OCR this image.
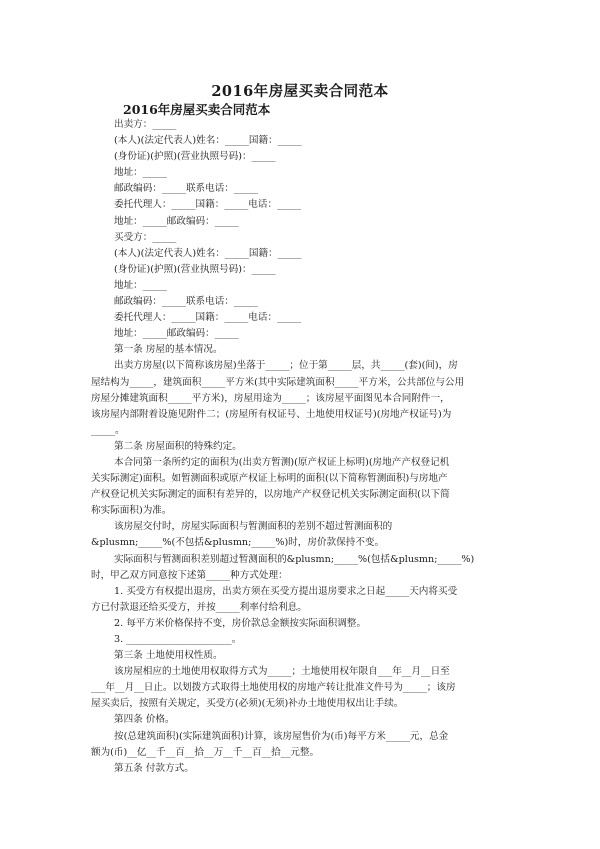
2016年房屋买卖合同范本
2016年房屋买卖合同范本
出卖方：_____
(本人)(法定代表人)姓名：_____国籍：_____
(身份证)(护照)(营业执照号码)：_____
地址：_____
邮政编码：_____联系电话：_____
委托代理人：_____国籍：_____电话：_____
地址：_____邮政编码：_____
买受方：_____
(本人)(法定代表人)姓名：_____国籍：_____
(身份证)(护照)(营业执照号码)：_____
地址：_____
邮政编码：_____联系电话：_____
委托代理人：_____国籍：_____电话：_____
地址：_____邮政编码：_____
第一条 房屋的基本情况。
出卖方房屋(以下简称该房屋)坐落于_____；位于第_____层，共_____(套)(间)，房
屋结构为_____，建筑面积_____平方米(其中实际建筑面积_____平方米，公共部位与公用
房屋分摊建筑面积_____平方米)，房屋用途为_____；该房屋平面图见本合同附件一，
该房屋内部附着设施见附件二；(房屋所有权证号、土地使用权证号)(房地产权证号)为
_____。
第二条 房屋面积的特殊约定。
本合同第一条所约定的面积为(出卖方暂测)(原产权证上标明)(房地产产权登记机
关实际测定)面积。如暂测面积或原产权证上标明的面积(以下简称暂测面积)与房地产
产权登记机关实际测定的面积有差异的，以房地产产权登记机关实际测定面积(以下简
称实际面积)为准。
该房屋交付时，房屋实际面积与暂测面积的差别不超过暂测面积的
&plusmn;_____%(不包括&plusmn;_____%)时，房价款保持不变。
实际面积与暂测面积差别超过暂测面积的&plusmn;_____%(包括&plusmn;_____%)
时，甲乙双方同意按下述第_____种方式处理：
1. 买受方有权提出退房，出卖方须在买受方提出退房要求之日起_____天内将买受
方已付款退还给买受方，并按_____利率付给利息。
2. 每平方米价格保持不变，房价款总金额按实际面积调整。
3. ______________________。
第三条 土地使用权性质。
该房屋相应的土地使用权取得方式为_____；土地使用权年限自___年__月__日至
___年__月__日止。以划拨方式取得土地使用权的房地产转让批准文件号为_____；该房
屋买卖后，按照有关规定，买受方(必须)(无须)补办土地使用权出让手续。
第四条 价格。
按(总建筑面积)(实际建筑面积)计算，该房屋售价为(币)每平方米_____元，总金
额为(币)__亿__千__百__拾__万__千__百__拾__元整。
第五条 付款方式。
